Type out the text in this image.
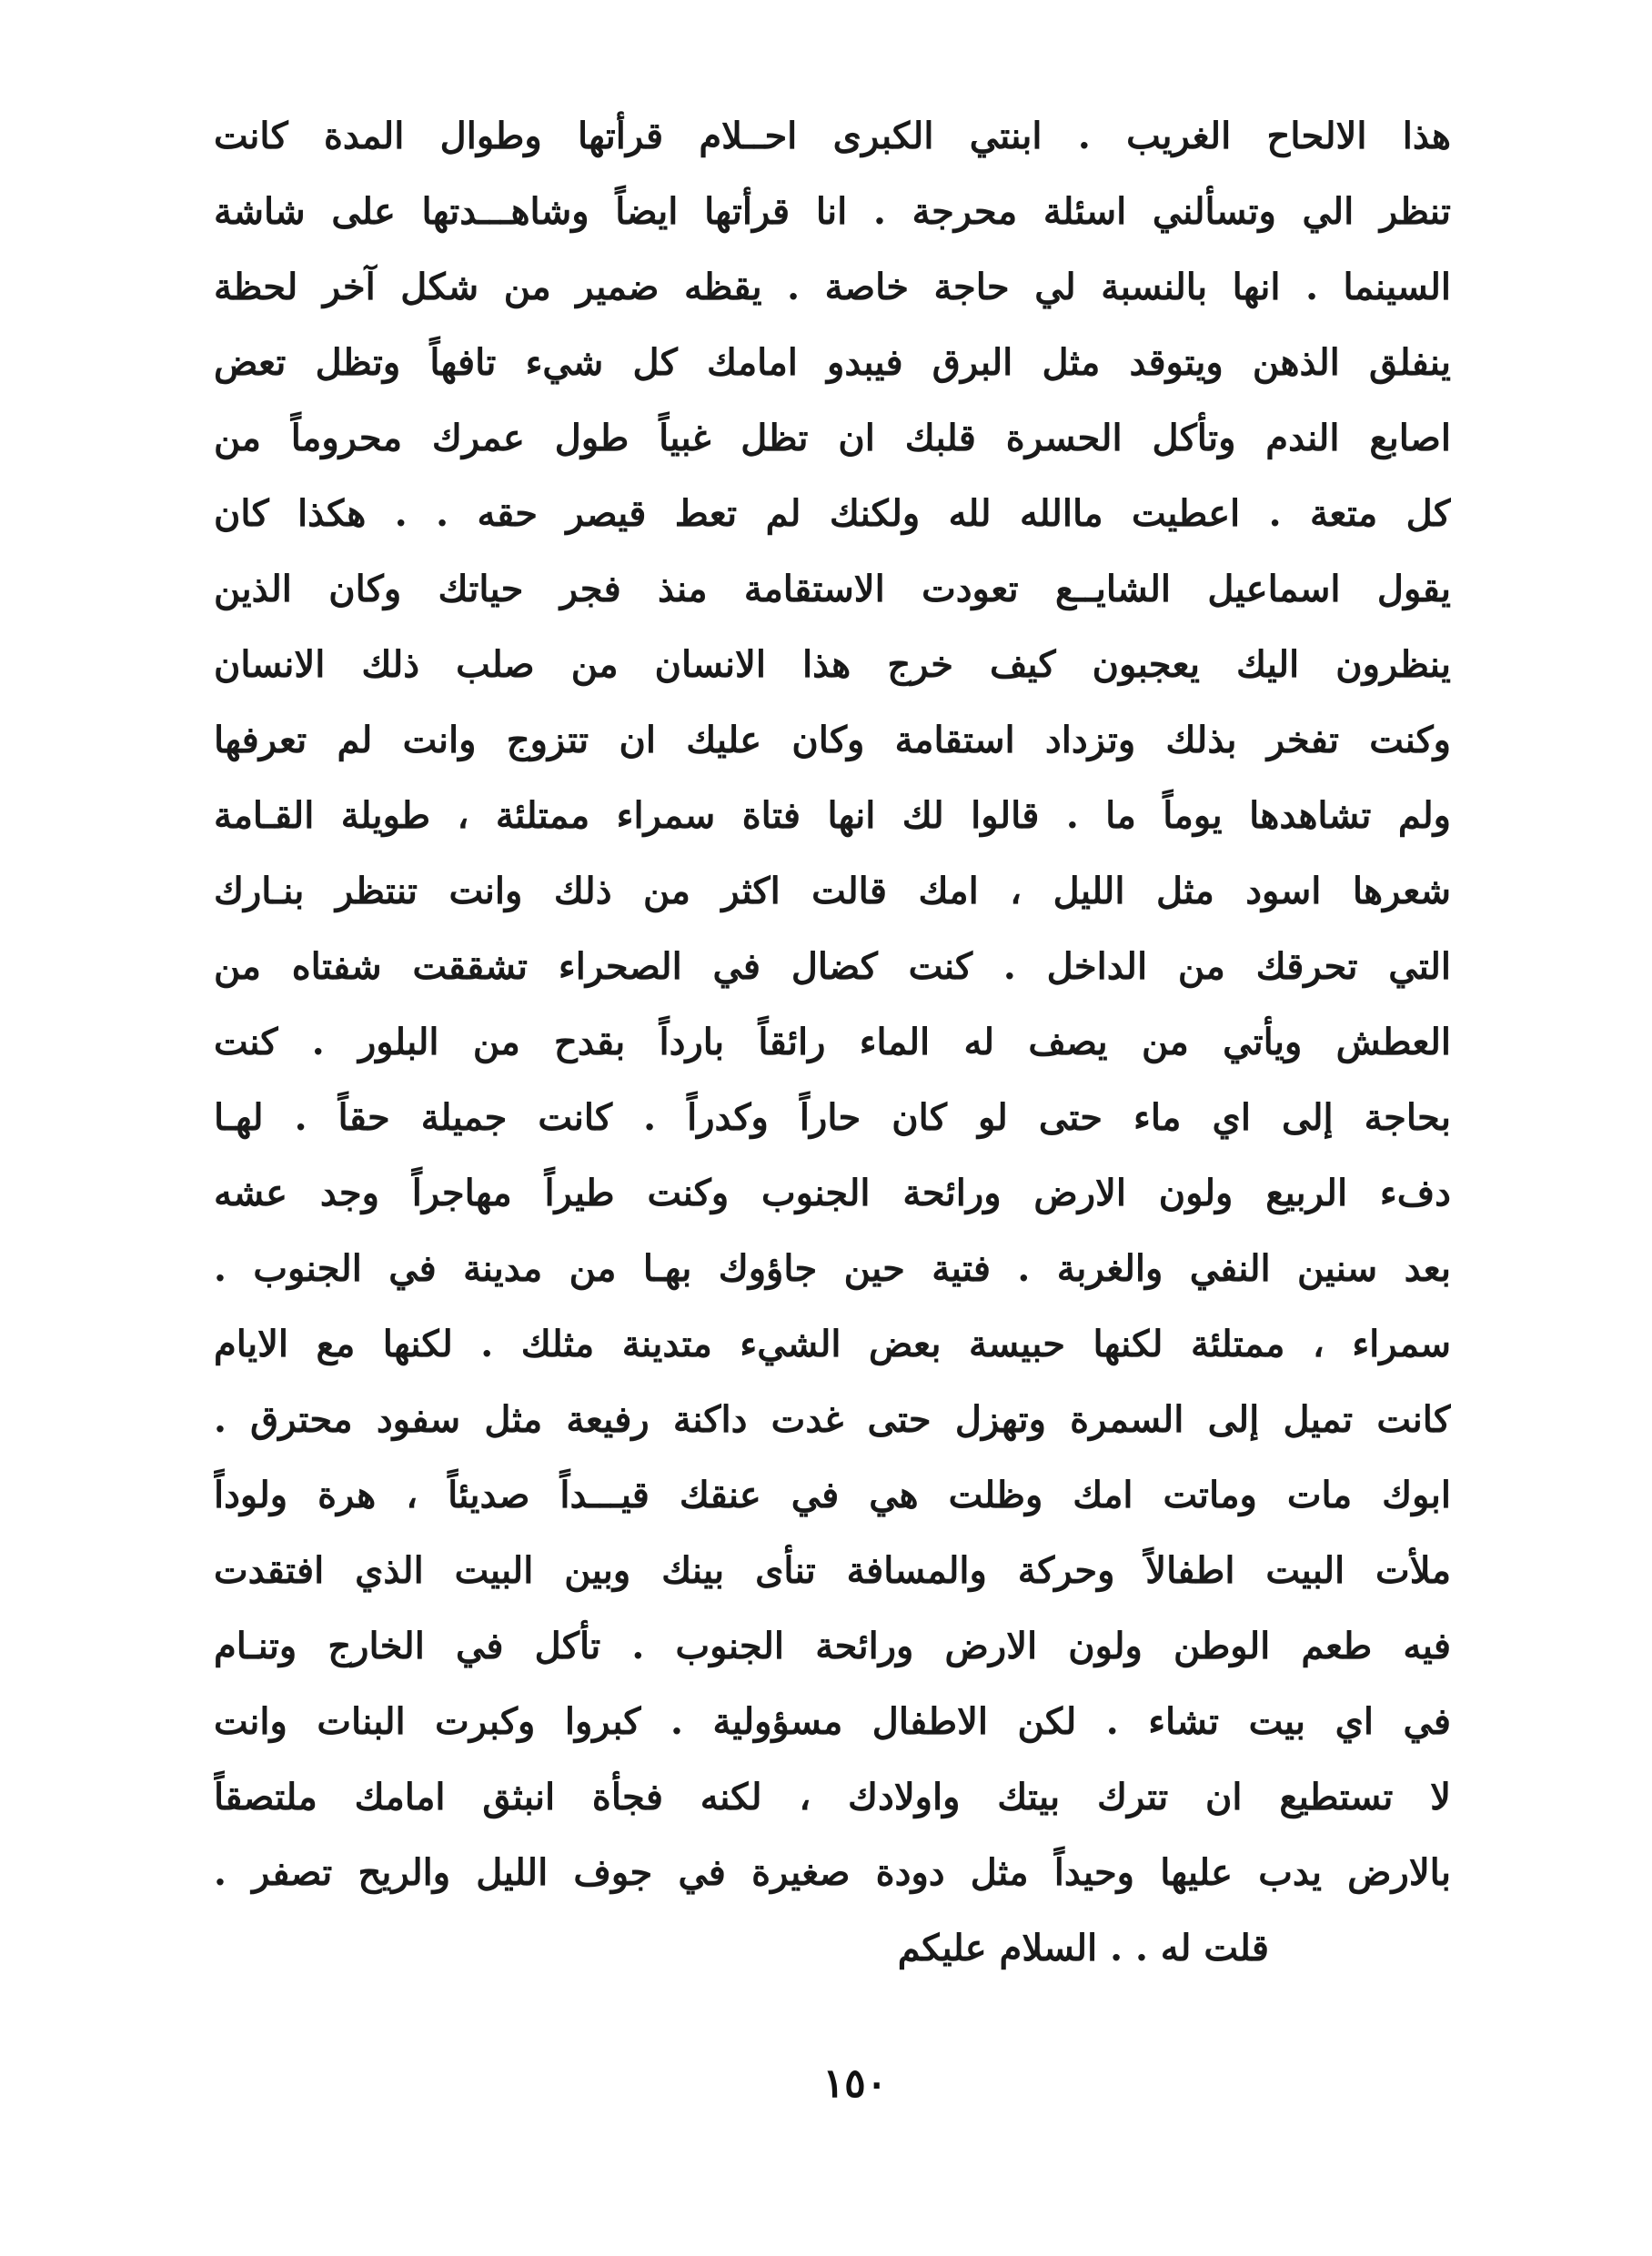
هذا الالحاح الغريب . ابنتي الكبرى احــلام قرأتها وطوال المدة كانت
تنظر الي وتسألني اسئلة محرجة . انا قرأتها ايضاً وشاهـــدتها على شاشة
السينما . انها بالنسبة لي حاجة خاصة . يقظه ضمير من شكل آخر لحظة
ينفلق الذهن ويتوقد مثل البرق فيبدو امامك كل شيء تافهاً وتظل تعض
اصابع الندم وتأكل الحسرة قلبك ان تظل غبياً طول عمرك محروماً من
كل متعة . اعطيت ماالله لله ولكنك لم تعط قيصر حقه . . هكذا كان
يقول اسماعيل الشايــع تعودت الاستقامة منذ فجر حياتك وكان الذين
ينظرون اليك يعجبون كيف خرج هذا الانسان من صلب ذلك الانسان
وكنت تفخر بذلك وتزداد استقامة وكان عليك ان تتزوج وانت لم تعرفها
ولم تشاهدها يوماً ما . قالوا لك انها فتاة سمراء ممتلئة ، طويلة القـامة
شعرها اسود مثل الليل ، امك قالت اكثر من ذلك وانت تنتظر بنـارك
التي تحرقك من الداخل . كنت كضال في الصحراء تشققت شفتاه من
العطش ويأتي من يصف له الماء رائقاً بارداً بقدح من البلور . كنت
بحاجة إلى اي ماء حتى لو كان حاراً وكدراً . كانت جميلة حقاً . لهـا
دفء الربيع ولون الارض ورائحة الجنوب وكنت طيراً مهاجراً وجد عشه
بعد سنين النفي والغربة . فتية حين جاؤوك بهـا من مدينة في الجنوب .
سمراء ، ممتلئة لكنها حبيسة بعض الشيء متدينة مثلك . لكنها مع الايام
كانت تميل إلى السمرة وتهزل حتى غدت داكنة رفيعة مثل سفود محترق .
ابوك مات وماتت امك وظلت هي في عنقك قيـــداً صديئاً ، هرة ولوداً
ملأت البيت اطفالاً وحركة والمسافة تنأى بينك وبين البيت الذي افتقدت
فيه طعم الوطن ولون الارض ورائحة الجنوب . تأكل في الخارج وتنـام
في اي بيت تشاء . لكن الاطفال مسؤولية . كبروا وكبرت البنات وانت
لا تستطيع ان تترك بيتك واولادك ، لكنه فجأة انبثق امامك ملتصقاً
بالارض يدب عليها وحيداً مثل دودة صغيرة في جوف الليل والريح تصفر .
قلت له . . السلام عليكم
١٥٠
